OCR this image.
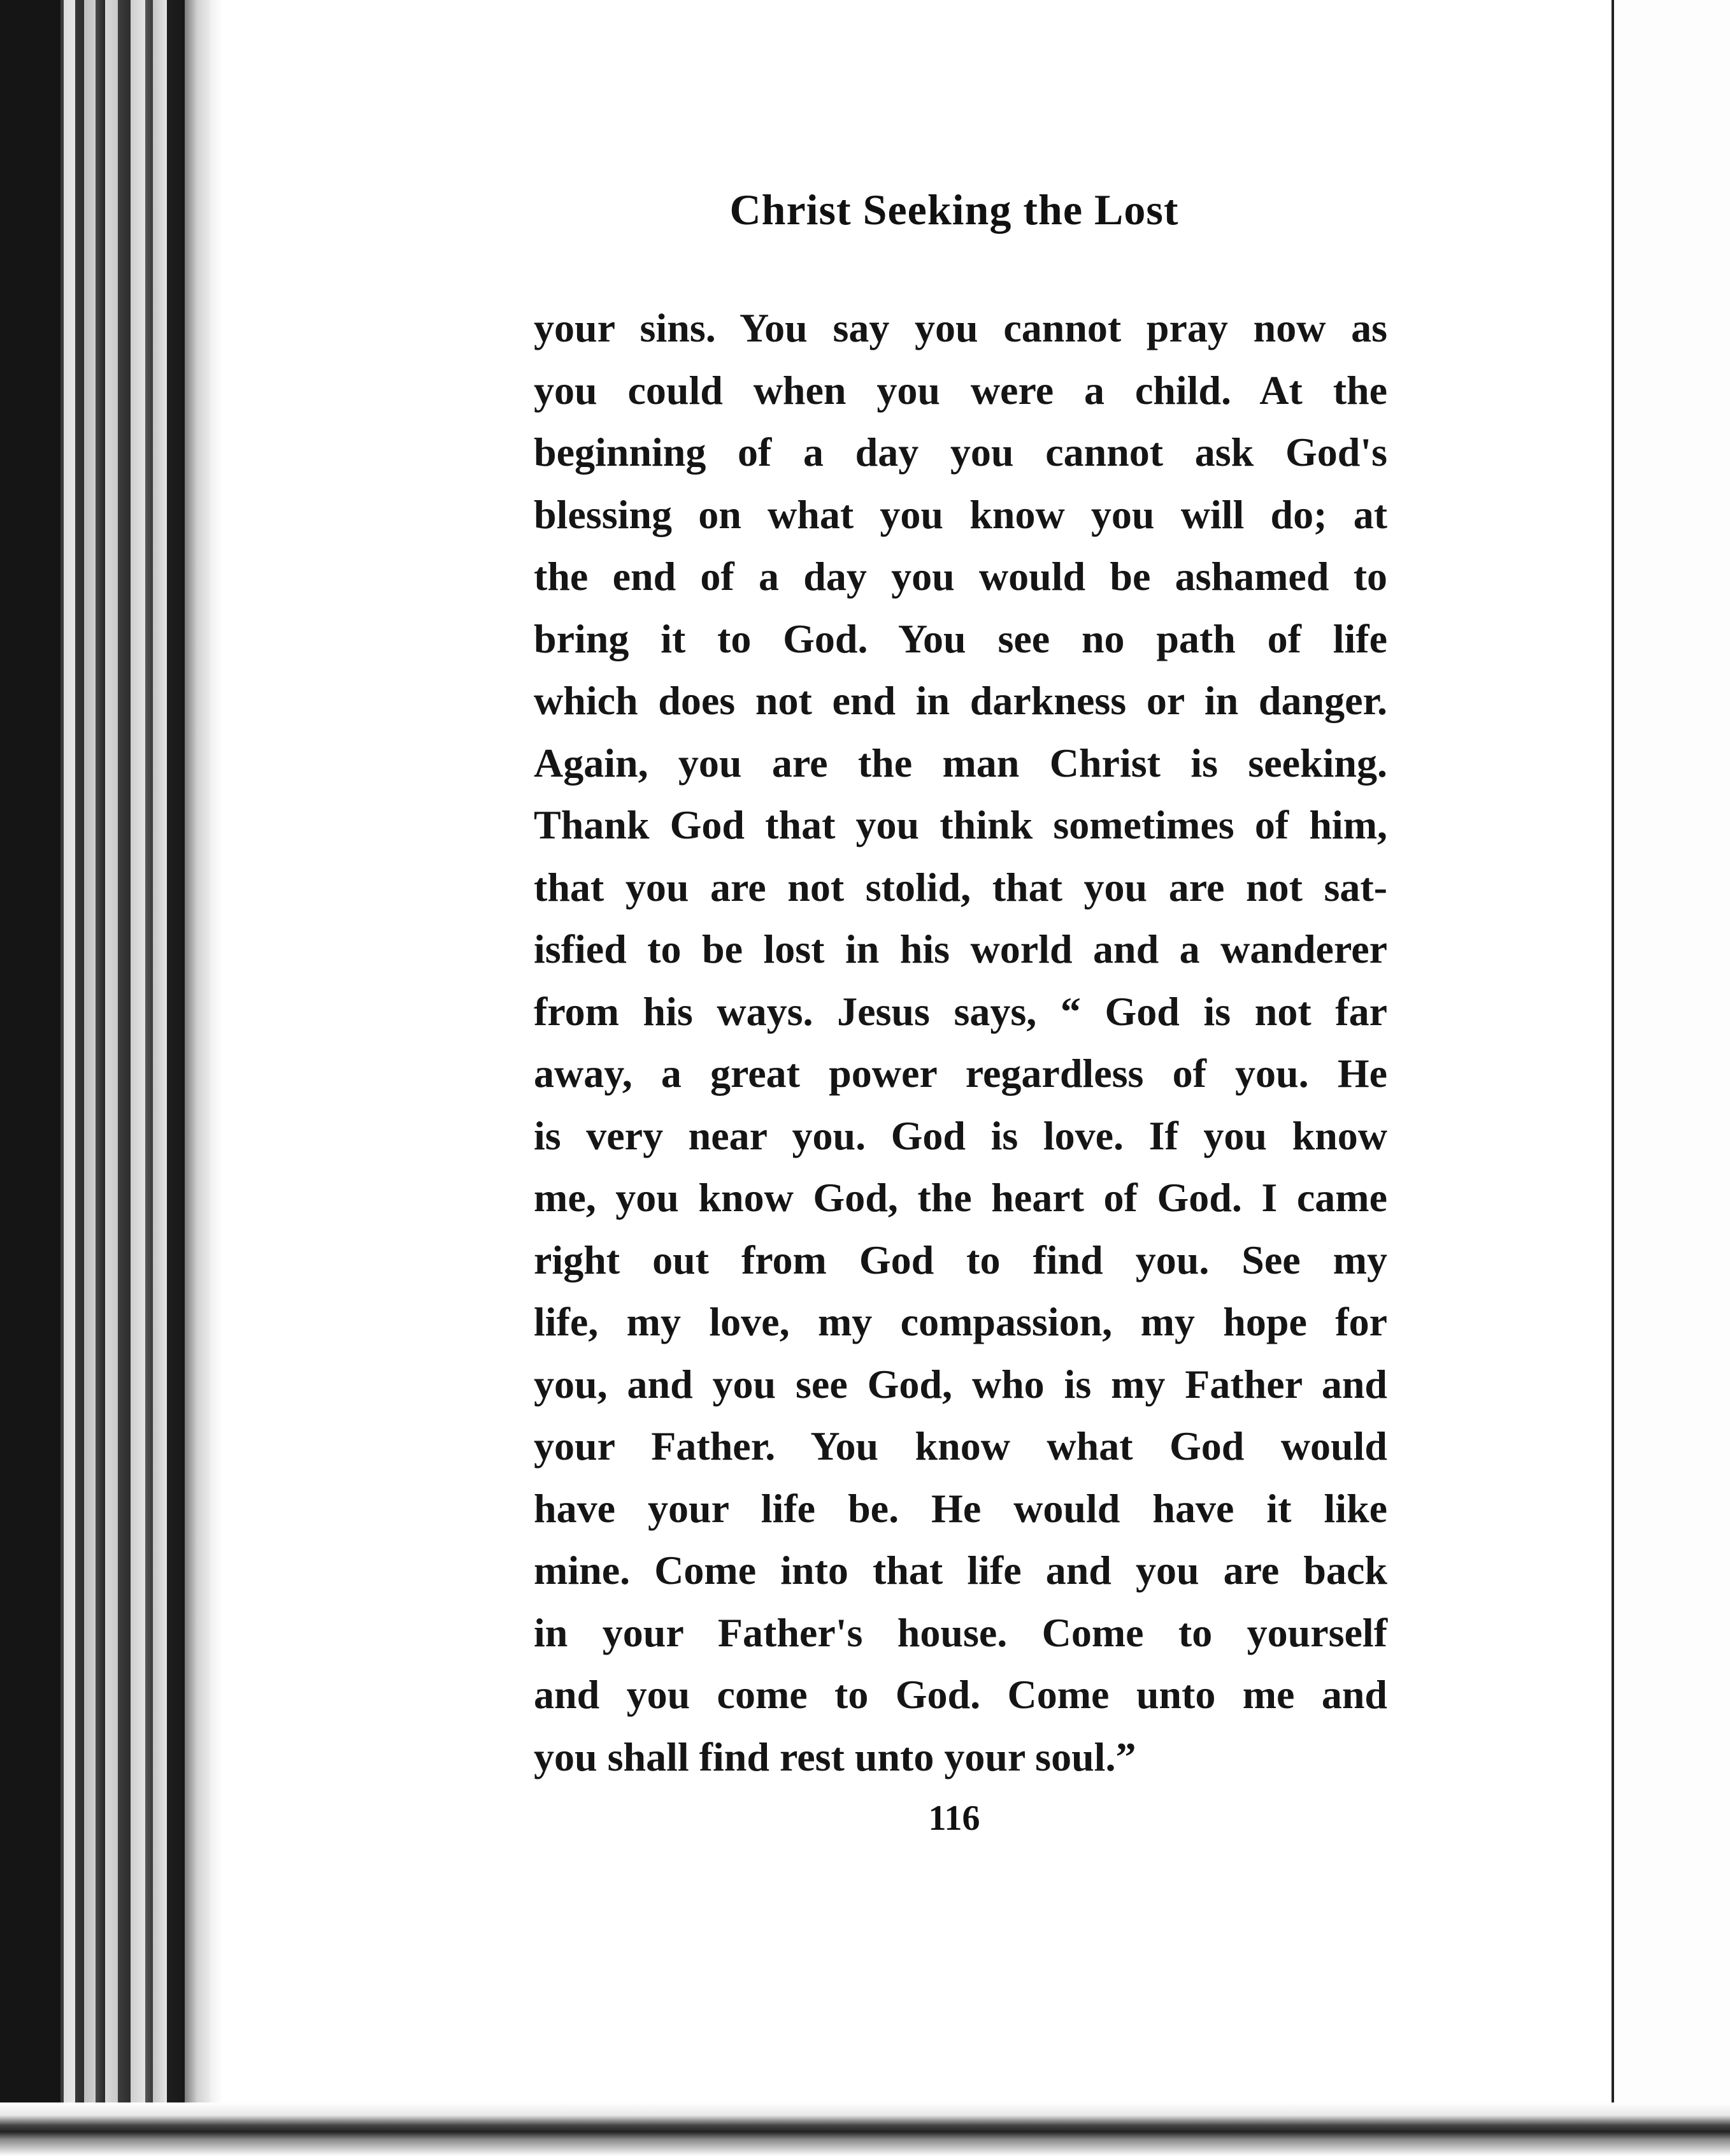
Christ Seeking the Lost
your sins. You say you cannot pray now as
you could when you were a child. At the
beginning of a day you cannot ask God's
blessing on what you know you will do; at
the end of a day you would be ashamed to
bring it to God. You see no path of life
which does not end in darkness or in danger.
Again, you are the man Christ is seeking.
Thank God that you think sometimes of him,
that you are not stolid, that you are not sat-
isfied to be lost in his world and a wanderer
from his ways. Jesus says, “ God is not far
away, a great power regardless of you. He
is very near you. God is love. If you know
me, you know God, the heart of God. I came
right out from God to find you. See my
life, my love, my compassion, my hope for
you, and you see God, who is my Father and
your Father. You know what God would
have your life be. He would have it like
mine. Come into that life and you are back
in your Father's house. Come to yourself
and you come to God. Come unto me and
you shall find rest unto your soul.”
116
